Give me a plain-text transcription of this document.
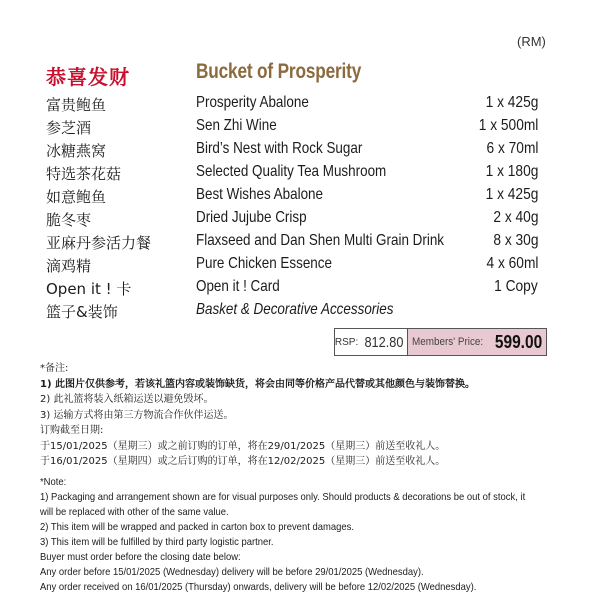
(RM)
恭喜发财	Bucket of Prosperity
富贵鲍鱼	Prosperity Abalone	1 x 425g
参芝酒	Sen Zhi Wine	1 x 500ml
冰糖燕窝	Bird’s Nest with Rock Sugar	6 x 70ml
特选茶花菇	Selected Quality Tea Mushroom	1 x 180g
如意鲍鱼	Best Wishes Abalone	1 x 425g
脆冬枣	Dried Jujube Crisp	2 x 40g
亚麻丹参活力餐	Flaxseed and Dan Shen Multi Grain Drink	8 x 30g
滴鸡精	Pure Chicken Essence	4 x 60ml
Open it ! 卡	Open it ! Card	1 Copy
篮子&装饰	Basket & Decorative Accessories
RSP: 812.80 Members' Price: 599.00
*备注:
1) 此图片仅供参考，若该礼篮内容或装饰缺货，将会由同等价格产品代替或其他颜色与装饰替换。
2) 此礼篮将装入纸箱运送以避免毁坏。
3) 运输方式将由第三方物流合作伙伴运送。
订购截至日期:
于15/01/2025（星期三）或之前订购的订单，将在29/01/2025（星期三）前送至收礼人。
于16/01/2025（星期四）或之后订购的订单，将在12/02/2025（星期三）前送至收礼人。
*Note:
1) Packaging and arrangement shown are for visual purposes only. Should products & decorations be out of stock, it
will be replaced with other of the same value.
2) This item will be wrapped and packed in carton box to prevent damages.
3) This item will be fulfilled by third party logistic partner.
Buyer must order before the closing date below:
Any order before 15/01/2025 (Wednesday) delivery will be before 29/01/2025 (Wednesday).
Any order received on 16/01/2025 (Thursday) onwards, delivery will be before 12/02/2025 (Wednesday).
